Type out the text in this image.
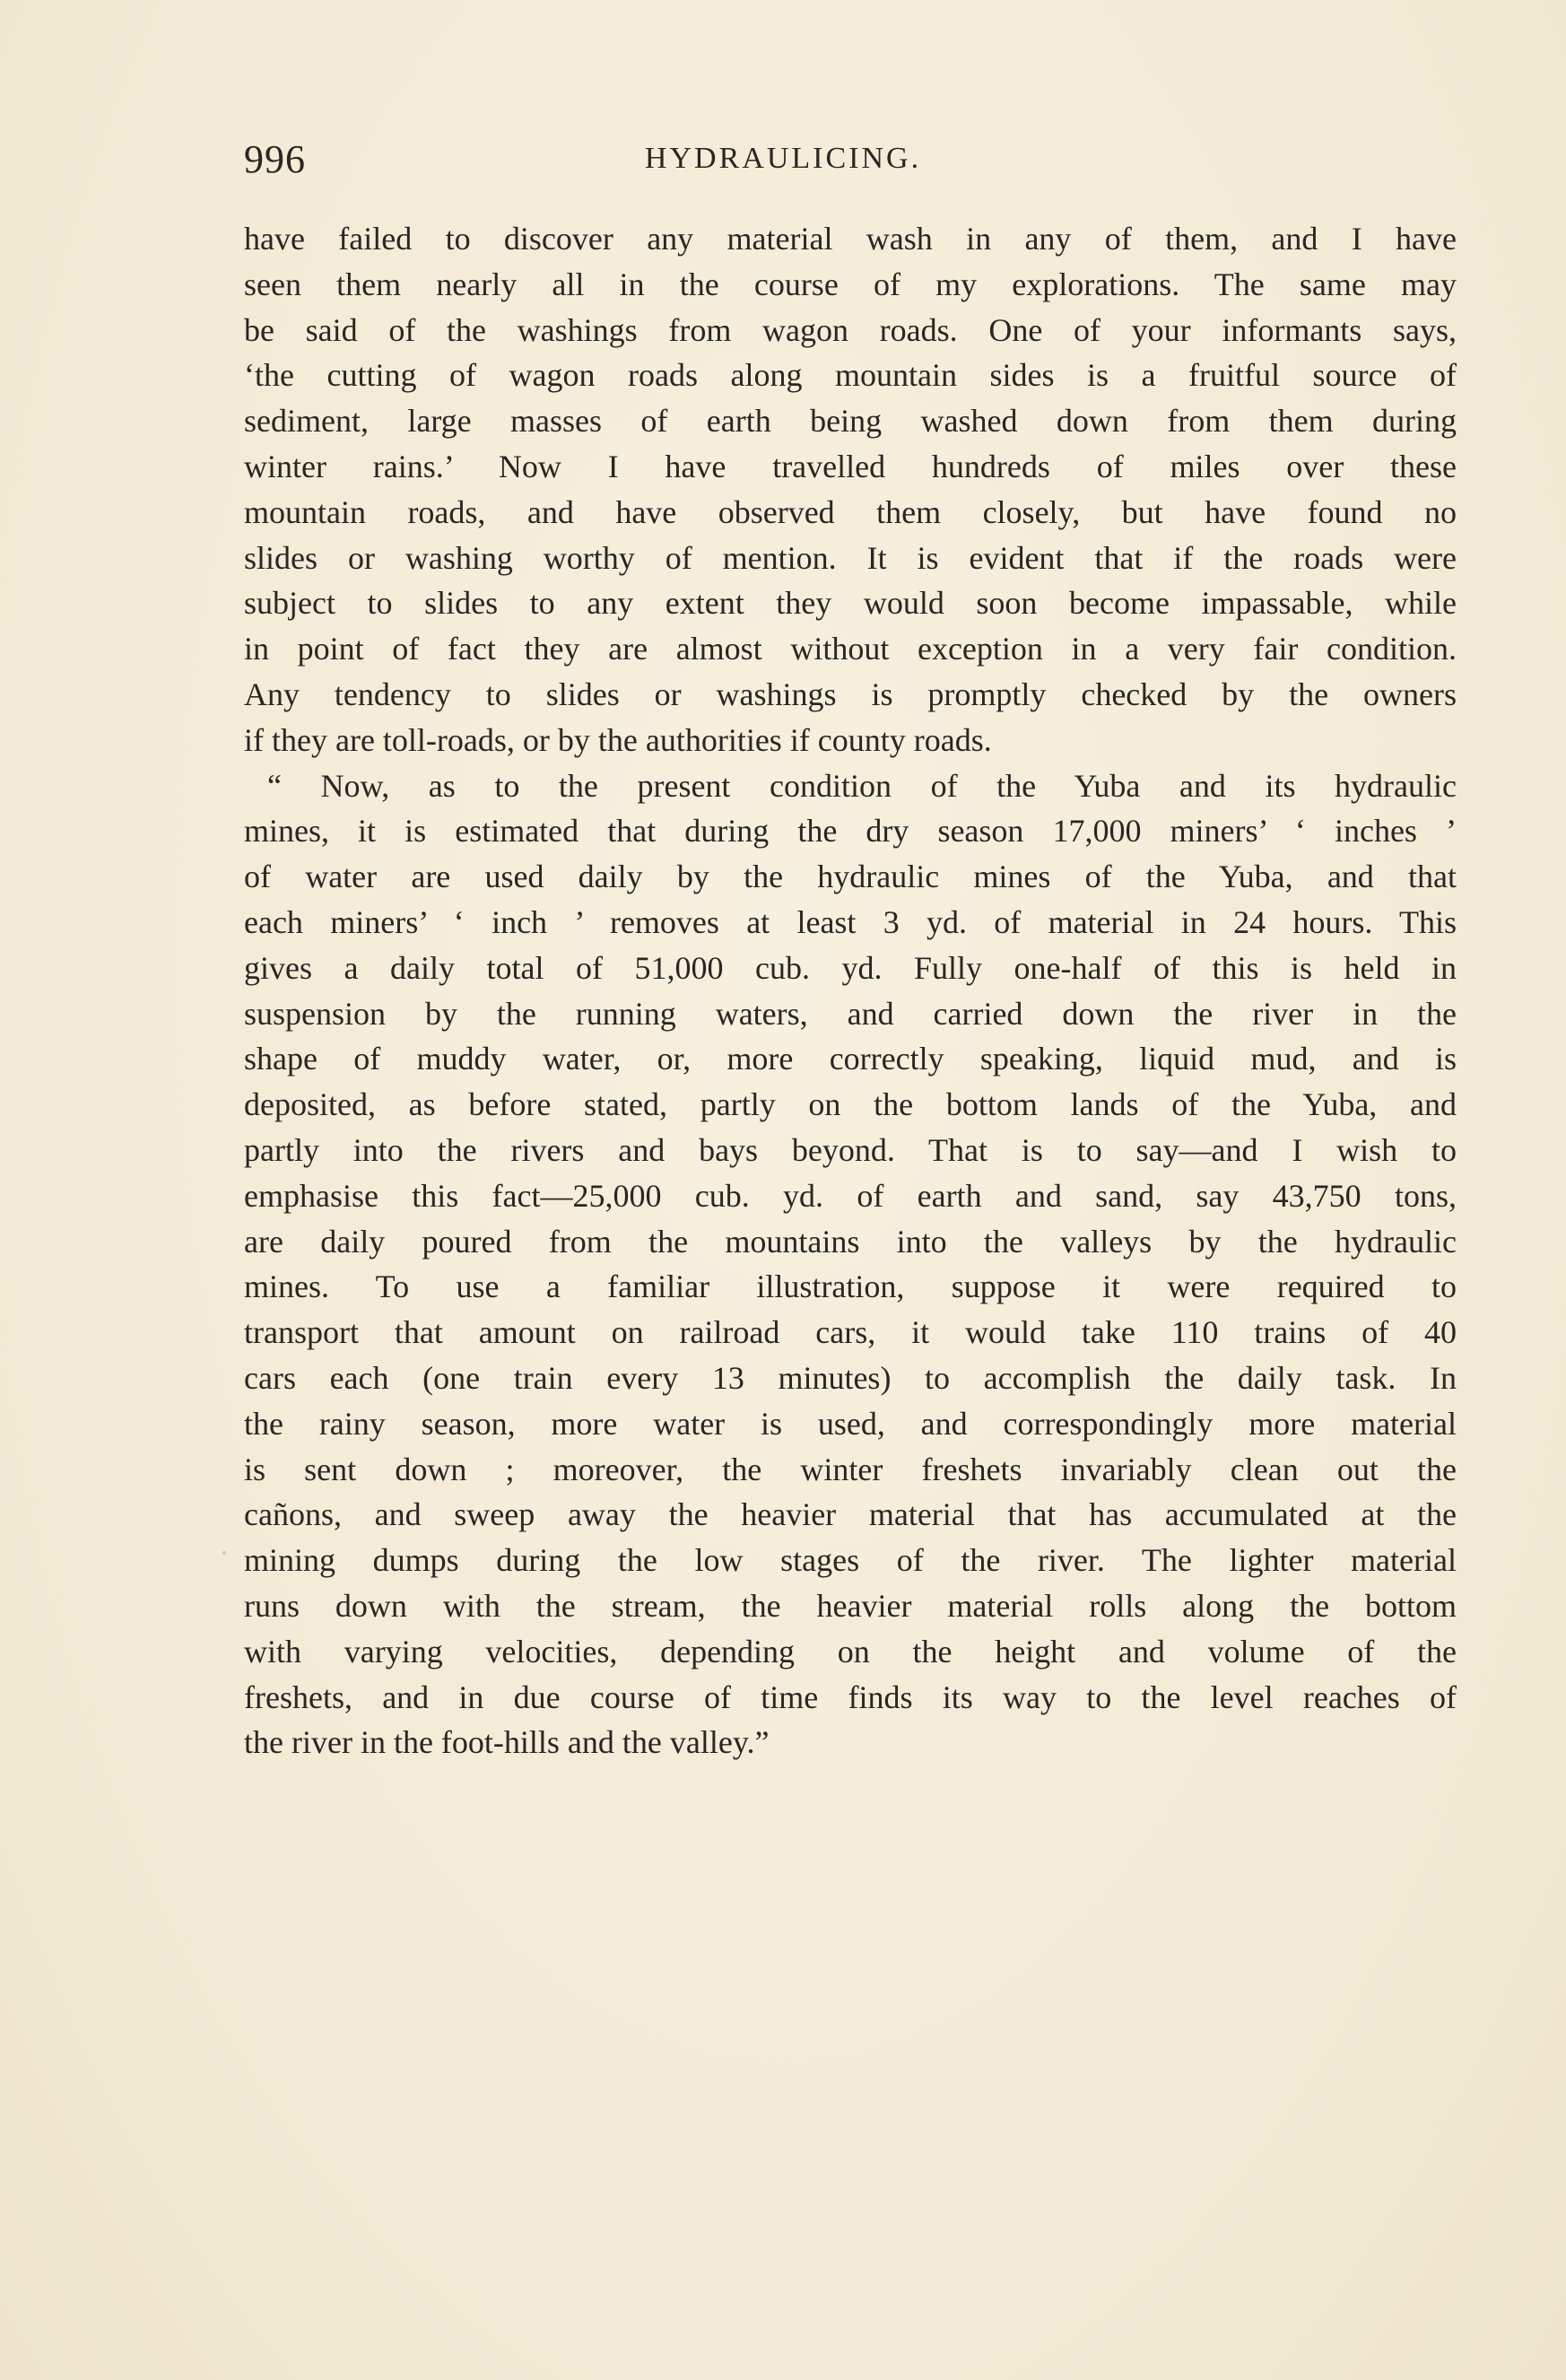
996	HYDRAULICING.
have failed to discover any material wash in any of them, and I have
seen them nearly all in the course of my explorations. The same may
be said of the washings from wagon roads. One of your informants says,
‘the cutting of wagon roads along mountain sides is a fruitful source of
sediment, large masses of earth being washed down from them during
winter rains.’ Now I have travelled hundreds of miles over these
mountain roads, and have observed them closely, but have found no
slides or washing worthy of mention. It is evident that if the roads were
subject to slides to any extent they would soon become impassable, while
in point of fact they are almost without exception in a very fair condition.
Any tendency to slides or washings is promptly checked by the owners
if they are toll-roads, or by the authorities if county roads.
“ Now, as to the present condition of the Yuba and its hydraulic
mines, it is estimated that during the dry season 17,000 miners’ ‘ inches ’
of water are used daily by the hydraulic mines of the Yuba, and that
each miners’ ‘ inch ’ removes at least 3 yd. of material in 24 hours. This
gives a daily total of 51,000 cub. yd. Fully one-half of this is held in
suspension by the running waters, and carried down the river in the
shape of muddy water, or, more correctly speaking, liquid mud, and is
deposited, as before stated, partly on the bottom lands of the Yuba, and
partly into the rivers and bays beyond. That is to say—and I wish to
emphasise this fact—25,000 cub. yd. of earth and sand, say 43,750 tons,
are daily poured from the mountains into the valleys by the hydraulic
mines. To use a familiar illustration, suppose it were required to
transport that amount on railroad cars, it would take 110 trains of 40
cars each (one train every 13 minutes) to accomplish the daily task. In
the rainy season, more water is used, and correspondingly more material
is sent down ; moreover, the winter freshets invariably clean out the
cañons, and sweep away the heavier material that has accumulated at the
mining dumps during the low stages of the river. The lighter material
runs down with the stream, the heavier material rolls along the bottom
with varying velocities, depending on the height and volume of the
freshets, and in due course of time finds its way to the level reaches of
the river in the foot-hills and the valley.”
